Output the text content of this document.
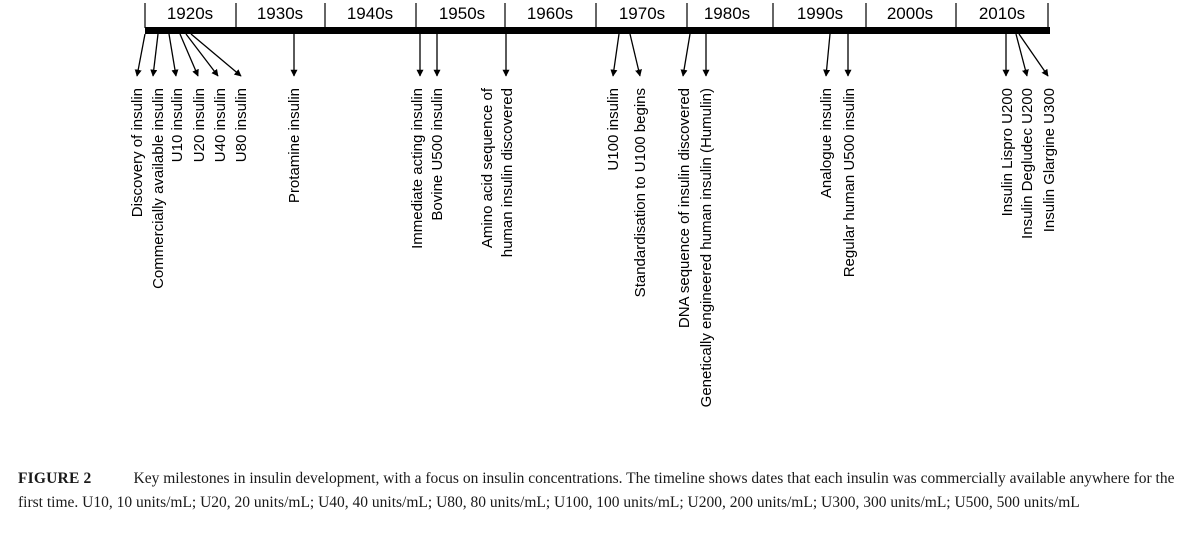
1920s	1930s	1940s	1950s 1960s	1970s 1980s	1990s	2000s	2010s
Discovery of insulin Commercially available insulin U10 insulin U20 insulin U40 insulin U80 insulin Protamine insulin	Immediate acting insulin Bovine U500 insulin Amino acid sequence of human insulin discovered	U100 insulin Standardisation to U100 begins DNA sequence of insulin discovered Genetically engineered human insulin (Humulin)	Analogue insulin Regular human U500 insulin	Insulin Lispro U200 Insulin Degludec U200 Insulin Glargine U300
FIGURE 2	Key milestones in insulin development, with a focus on insulin concentrations. The timeline shows dates that each insulin was commercially available anywhere for the first time. U10, 10 units/mL; U20, 20 units/mL; U40, 40 units/mL; U80, 80 units/mL; U100, 100 units/mL; U200, 200 units/mL; U300, 300 units/mL; U500, 500 units/mL
